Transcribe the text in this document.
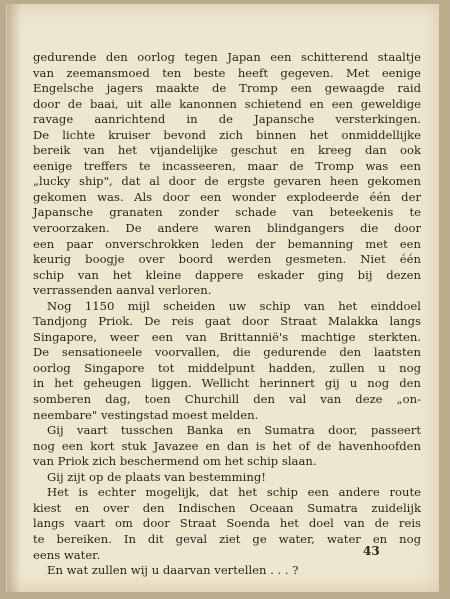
gedurende den oorlog tegen Japan een schitterend staaltje
van zeemansmoed ten beste heeft gegeven. Met eenige
Engelsche jagers maakte de Tromp een gewaagde raid
door de baai, uit alle kanonnen schietend en een geweldige
ravage aanrichtend in de Japansche versterkingen.
De lichte kruiser bevond zich binnen het onmiddellijke
bereik van het vijandelijke geschut en kreeg dan ook
eenige treffers te incasseeren, maar de Tromp was een
„lucky ship", dat al door de ergste gevaren heen gekomen
gekomen was. Als door een wonder explodeerde één der
Japansche granaten zonder schade van beteekenis te
veroorzaken. De andere waren blindgangers die door
een paar onverschrokken leden der bemanning met een
keurig boogje over boord werden gesmeten. Niet één
schip van het kleine dappere eskader ging bij dezen
verrassenden aanval verloren.
Nog 1150 mijl scheiden uw schip van het einddoel
Tandjong Priok. De reis gaat door Straat Malakka langs
Singapore, weer een van Brittannië's machtige sterkten.
De sensationeele voorvallen, die gedurende den laatsten
oorlog Singapore tot middelpunt hadden, zullen u nog
in het geheugen liggen. Wellicht herinnert gij u nog den
somberen dag, toen Churchill den val van deze „on-
neembare" vestingstad moest melden.
Gij vaart tusschen Banka en Sumatra door, passeert
nog een kort stuk Javazee en dan is het of de havenhoofden
van Priok zich beschermend om het schip slaan.
Gij zijt op de plaats van bestemming!
Het is echter mogelijk, dat het schip een andere route
kiest en over den Indischen Oceaan Sumatra zuidelijk
langs vaart om door Straat Soenda het doel van de reis
te bereiken. In dit geval ziet ge water, water en nog
eens water.
En wat zullen wij u daarvan vertellen . . . ?
43
